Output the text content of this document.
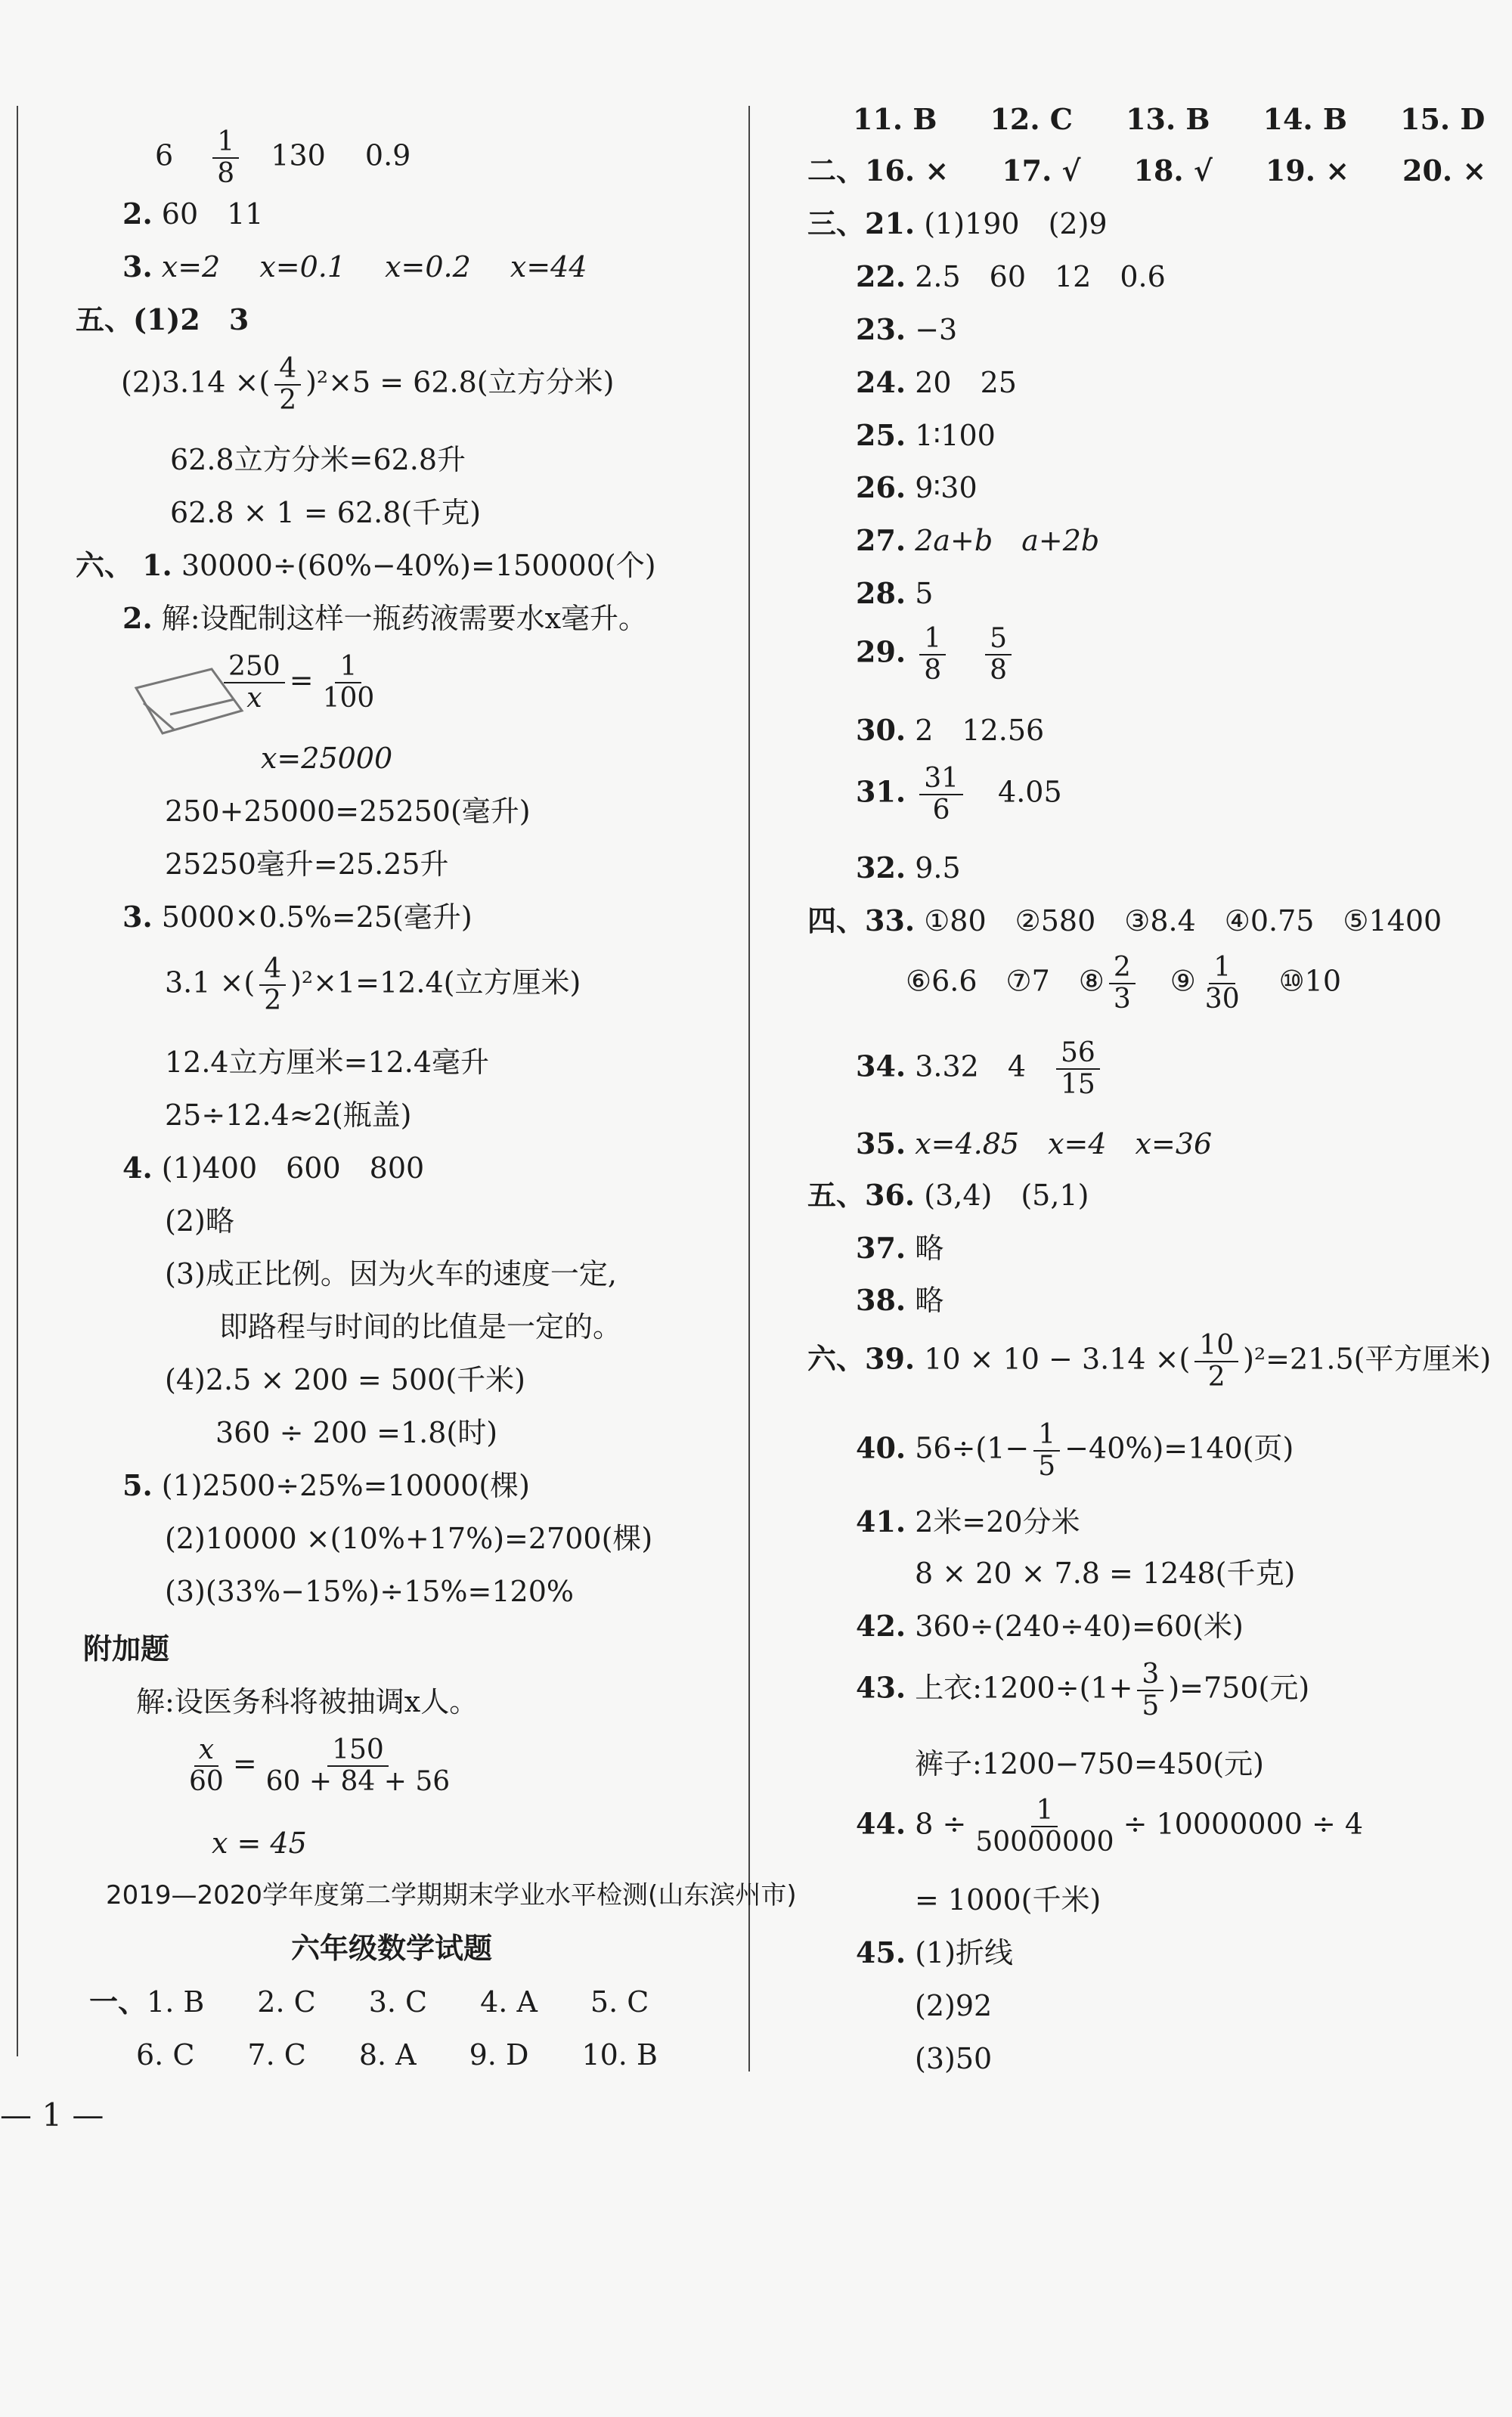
$6 \frac{1}{8} 130$ 0.9
2. 60　11
3. x=2 x=0.1 x=0.2 x=44
五、(1)2　3
(2)3.14 ×( $\frac{4}{2} )^2\times 5 = 62.8$(立方分米)
62.8立方分米=62.8升
62.8 × 1 = 62.8(千克)
六、 1. 30000÷(60%−40%)=150000(个)
2. 解:设配制这样一瓶药液需要水x毫升。
$\frac{250}{x} = \frac{1}{100}$
x=25000
250+25000=25250(毫升)
25250毫升=25.25升
3. 5000×0.5%=25(毫升)
3.1 ×( $\frac{4}{2} )^2\times 1=12.4$(立方厘米)
12.4立方厘米=12.4毫升
25÷12.4≈2(瓶盖)
4. (1)400　600　800
(2)略
(3)成正比例。因为火车的速度一定,
即路程与时间的比值是一定的。
(4)2.5 × 200 = 500(千米)
360 ÷ 200 =1.8(时)
5. (1)2500÷25%=10000(棵)
(2)10000 ×(10%+17%)=2700(棵)
(3)(33%−15%)÷15%=120%
附加题
解:设医务科将被抽调x人。
$\frac{x}{60} = \frac{150}{60 + 84 + 56}$
x = 45
2019—2020学年度第二学期期末学业水平检测(山东滨州市)
六年级数学试题
一、1. B 2. C 3. C 4. A 5. C
6. C 7. C 8. A 9. D 10. B
— 1 —
11. B 12. C 13. B 14. B 15. D
二、16. × 17. √ 18. √ 19. × 20. ×
三、21. (1)190　(2)9
22. 2.5　60　12　0.6
23. −3
24. 20　25
25. 1∶100
26. 9∶30
27. 2a+b　a+2b
28. 5
29. $\frac{1}{8} \frac{5}{8}$
30. 2　12.56
31. $\frac{31}{6} 4.05$
32. 9.5
四、33. ①80　②580　③8.4　④0.75　⑤1400
⑥6.6　⑦7　⑧ $\frac{2}{3}$ ⑨ $\frac{1}{30}$ ⑩10
34. 3.32　$4 \frac{56}{15}$
35. x=4.85　x=4　x=36
五、36. (3,4)　(5,1)
37. 略
38. 略
六、39. 10 × 10 − 3.14 ×( $\frac{10}{2} )^2=21.5$(平方厘米)
40. $56\div(1- \frac{1}{5} -40\%)=140$(页)
41. 2米=20分米
8 × 20 × 7.8 = 1248(千克)
42. 360÷(240÷40)=60(米)
43. 上衣:1200÷(1+ $\frac{3}{5} )=750$(元)
裤子:1200−750=450(元)
44. $8 \div \frac{1}{50000000} \div 10000000 \div 4$
= 1000(千米)
45. (1)折线
(2)92
(3)50
